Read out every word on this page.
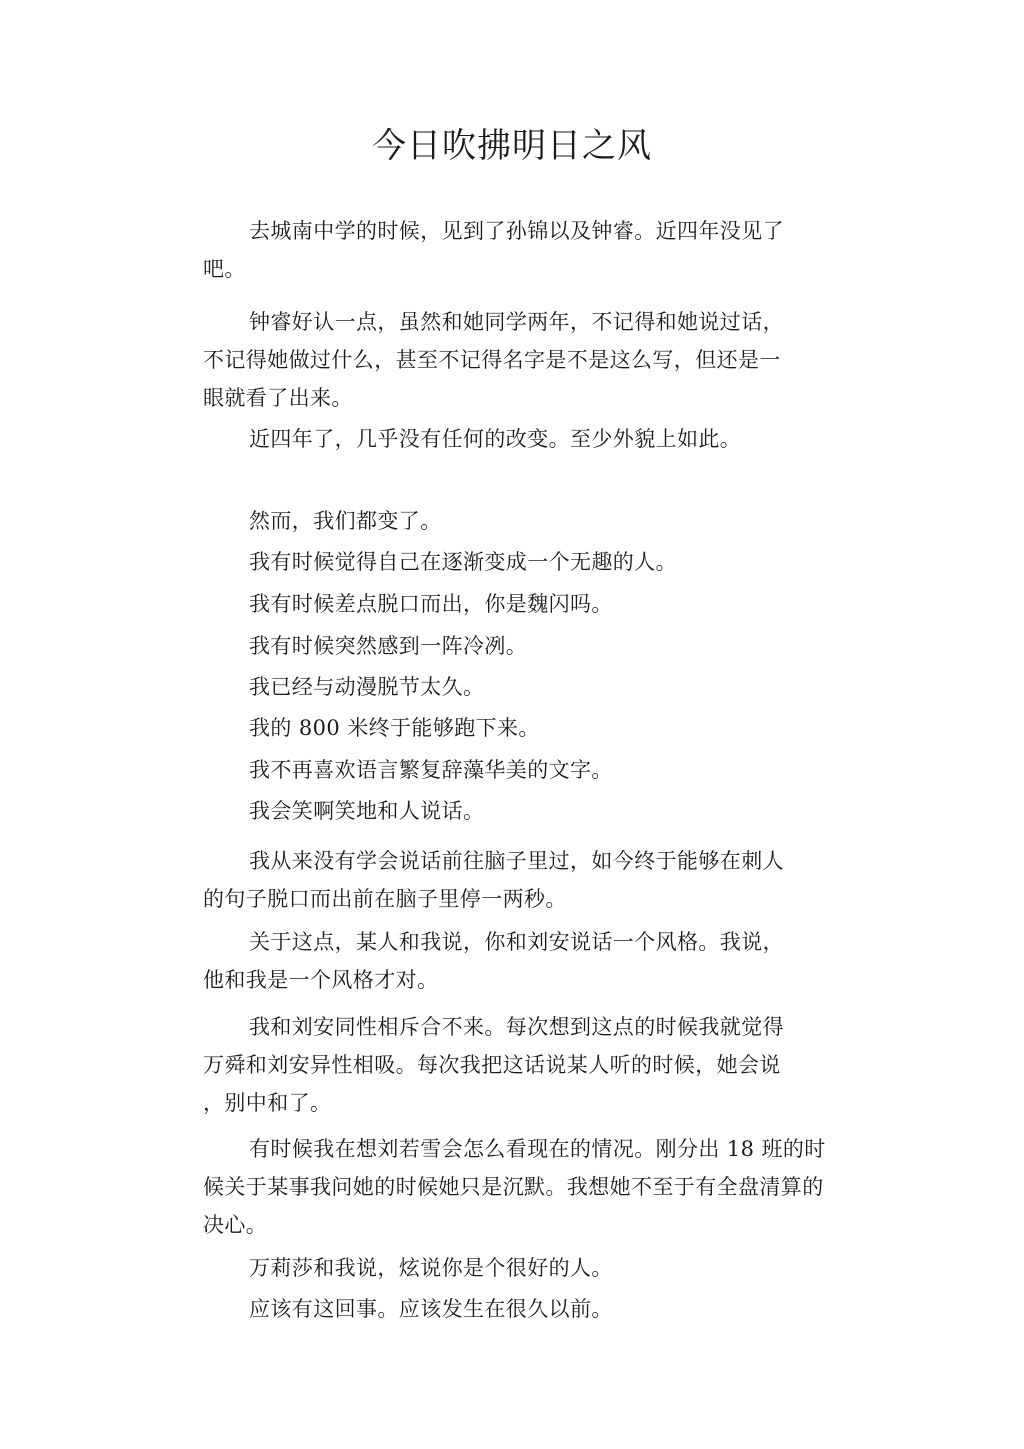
今日吹拂明日之风

去城南中学的时候，见到了孙锦以及钟睿。近四年没见了
吧。

钟睿好认一点，虽然和她同学两年，不记得和她说过话，
不记得她做过什么，甚至不记得名字是不是这么写，但还是一
眼就看了出来。

近四年了，几乎没有任何的改变。至少外貌上如此。

然而，我们都变了。

我有时候觉得自己在逐渐变成一个无趣的人。

我有时候差点脱口而出，你是魏闪吗。

我有时候突然感到一阵冷冽。

我已经与动漫脱节太久。

我的 800 米终于能够跑下来。

我不再喜欢语言繁复辞藻华美的文字。

我会笑啊笑地和人说话。

我从来没有学会说话前往脑子里过，如今终于能够在刺人
的句子脱口而出前在脑子里停一两秒。

关于这点，某人和我说，你和刘安说话一个风格。我说，
他和我是一个风格才对。

我和刘安同性相斥合不来。每次想到这点的时候我就觉得
万舜和刘安异性相吸。每次我把这话说某人听的时候，她会说
，别中和了。

有时候我在想刘若雪会怎么看现在的情况。刚分出 18 班的时
候关于某事我问她的时候她只是沉默。我想她不至于有全盘清算的
决心。

万莉莎和我说，炫说你是个很好的人。

应该有这回事。应该发生在很久以前。
